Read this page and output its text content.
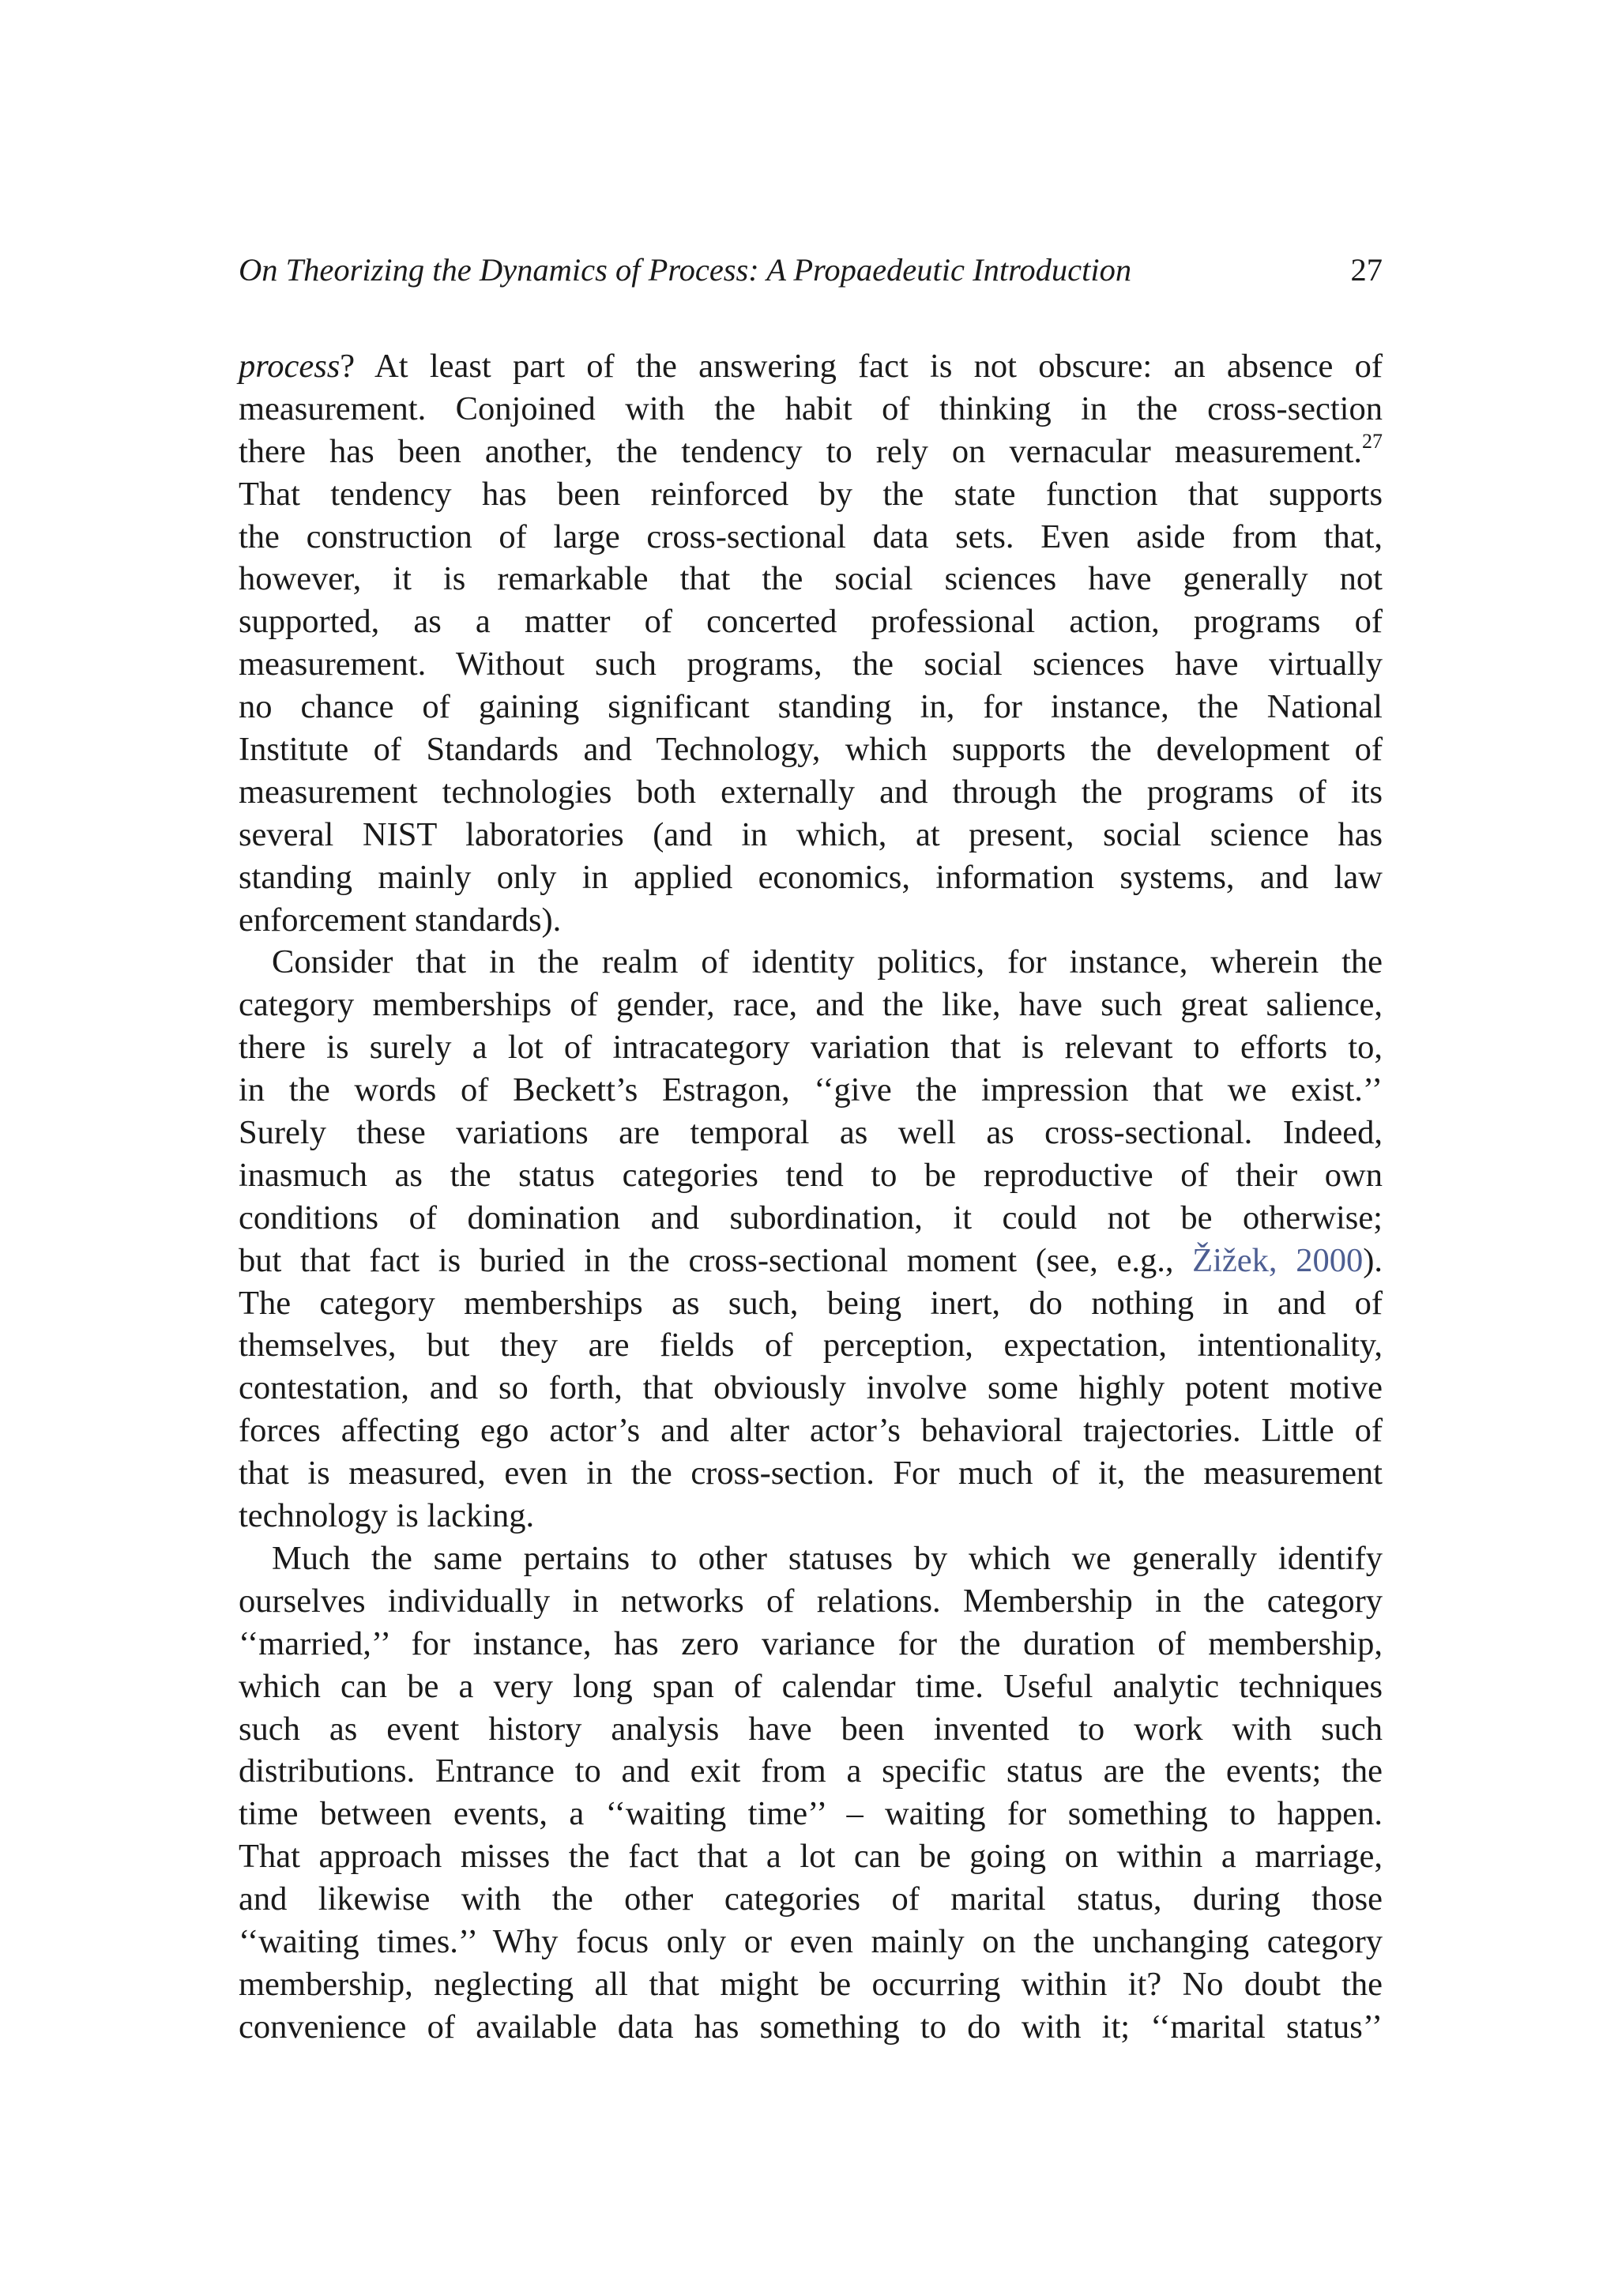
On Theorizing the Dynamics of Process: A Propaedeutic Introduction	27
process? At least part of the answering fact is not obscure: an absence of
measurement. Conjoined with the habit of thinking in the cross-section
there has been another, the tendency to rely on vernacular measurement.$^{27}$
That tendency has been reinforced by the state function that supports
the construction of large cross-sectional data sets. Even aside from that,
however, it is remarkable that the social sciences have generally not
supported, as a matter of concerted professional action, programs of
measurement. Without such programs, the social sciences have virtually
no chance of gaining significant standing in, for instance, the National
Institute of Standards and Technology, which supports the development of
measurement technologies both externally and through the programs of its
several NIST laboratories (and in which, at present, social science has
standing mainly only in applied economics, information systems, and law
enforcement standards).
Consider that in the realm of identity politics, for instance, wherein the
category memberships of gender, race, and the like, have such great salience,
there is surely a lot of intracategory variation that is relevant to efforts to,
in the words of Beckett’s Estragon, ‘‘give the impression that we exist.’’
Surely these variations are temporal as well as cross-sectional. Indeed,
inasmuch as the status categories tend to be reproductive of their own
conditions of domination and subordination, it could not be otherwise;
but that fact is buried in the cross-sectional moment (see, e.g., Žižek, 2000).
The category memberships as such, being inert, do nothing in and of
themselves, but they are fields of perception, expectation, intentionality,
contestation, and so forth, that obviously involve some highly potent motive
forces affecting ego actor’s and alter actor’s behavioral trajectories. Little of
that is measured, even in the cross-section. For much of it, the measurement
technology is lacking.
Much the same pertains to other statuses by which we generally identify
ourselves individually in networks of relations. Membership in the category
‘‘married,’’ for instance, has zero variance for the duration of membership,
which can be a very long span of calendar time. Useful analytic techniques
such as event history analysis have been invented to work with such
distributions. Entrance to and exit from a specific status are the events; the
time between events, a ‘‘waiting time’’ – waiting for something to happen.
That approach misses the fact that a lot can be going on within a marriage,
and likewise with the other categories of marital status, during those
‘‘waiting times.’’ Why focus only or even mainly on the unchanging category
membership, neglecting all that might be occurring within it? No doubt the
convenience of available data has something to do with it; ‘‘marital status’’
